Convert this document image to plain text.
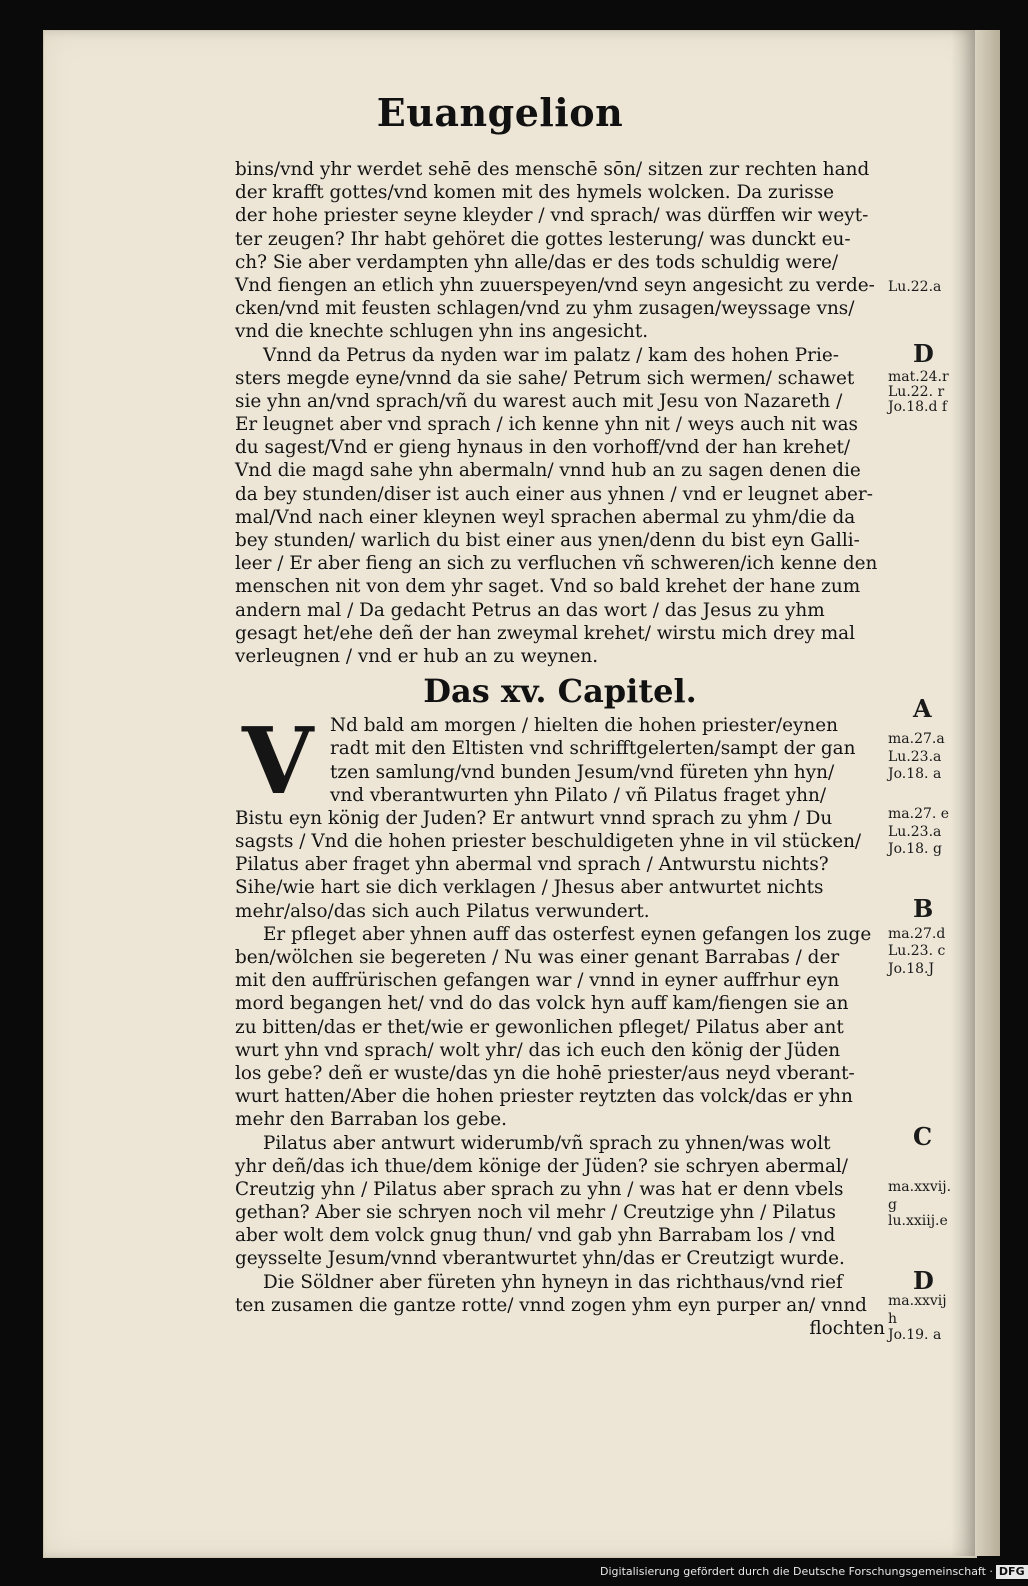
Euangelion
V
bins/vnd yhr werdet sehē des menschē sōn/ sitzen zur rechten hand
der krafft gottes/vnd komen mit des hymels wolcken. Da zurisse
der hohe priester seyne kleyder / vnd sprach/ was dürffen wir weyt-
ter zeugen? Ihr habt gehöret die gottes lesterung/ was dunckt eu-
ch? Sie aber verdampten yhn alle/das er des tods schuldig were/
Vnd fiengen an etlich yhn zuuerspeyen/vnd seyn angesicht zu verde-
cken/vnd mit feusten schlagen/vnd zu yhm zusagen/weyssage vns/
vnd die knechte schlugen yhn ins angesicht.
Vnnd da Petrus da nyden war im palatz / kam des hohen Prie-
sters megde eyne/vnnd da sie sahe/ Petrum sich wermen/ schawet
sie yhn an/vnd sprach/vñ du warest auch mit Jesu von Nazareth /
Er leugnet aber vnd sprach / ich kenne yhn nit / weys auch nit was
du sagest/Vnd er gieng hynaus in den vorhoff/vnd der han krehet/
Vnd die magd sahe yhn abermaln/ vnnd hub an zu sagen denen die
da bey stunden/diser ist auch einer aus yhnen / vnd er leugnet aber-
mal/Vnd nach einer kleynen weyl sprachen abermal zu yhm/die da
bey stunden/ warlich du bist einer aus ynen/denn du bist eyn Galli-
leer / Er aber fieng an sich zu verfluchen vñ schweren/ich kenne den
menschen nit von dem yhr saget. Vnd so bald krehet der hane zum
andern mal / Da gedacht Petrus an das wort / das Jesus zu yhm
gesagt het/ehe deñ der han zweymal krehet/ wirstu mich drey mal
verleugnen / vnd er hub an zu weynen.
Das xv. Capitel.
Nd bald am morgen / hielten die hohen priester/eynen
radt mit den Eltisten vnd schrifftgelerten/sampt der gan
tzen samlung/vnd bunden Jesum/vnd füreten yhn hyn/
vnd vberantwurten yhn Pilato / vñ Pilatus fraget yhn/
Bistu eyn könig der Juden? Er antwurt vnnd sprach zu yhm / Du
sagsts / Vnd die hohen priester beschuldigeten yhne in vil stücken/
Pilatus aber fraget yhn abermal vnd sprach / Antwurstu nichts?
Sihe/wie hart sie dich verklagen / Jhesus aber antwurtet nichts
mehr/also/das sich auch Pilatus verwundert.
Er pfleget aber yhnen auff das osterfest eynen gefangen los zuge
ben/wölchen sie begereten / Nu was einer genant Barrabas / der
mit den auffrürischen gefangen war / vnnd in eyner auffrhur eyn
mord begangen het/ vnd do das volck hyn auff kam/fiengen sie an
zu bitten/das er thet/wie er gewonlichen pfleget/ Pilatus aber ant
wurt yhn vnd sprach/ wolt yhr/ das ich euch den könig der Jüden
los gebe? deñ er wuste/das yn die hohē priester/aus neyd vberant-
wurt hatten/Aber die hohen priester reytzten das volck/das er yhn
mehr den Barraban los gebe.
Pilatus aber antwurt widerumb/vñ sprach zu yhnen/was wolt
yhr deñ/das ich thue/dem könige der Jüden? sie schryen abermal/
Creutzig yhn / Pilatus aber sprach zu yhn / was hat er denn vbels
gethan? Aber sie schryen noch vil mehr / Creutzige yhn / Pilatus
aber wolt dem volck gnug thun/ vnd gab yhn Barrabam los / vnd
geysselte Jesum/vnnd vberantwurtet yhn/das er Creutzigt wurde.
Die Söldner aber füreten yhn hyneyn in das richthaus/vnd rief
ten zusamen die gantze rotte/ vnnd zogen yhm eyn purper an/ vnnd
flochten
Lu.22.a
D
mat.24.r
Lu.22. r
Jo.18.d f
A
ma.27.a
Lu.23.a
Jo.18. a
ma.27. e
Lu.23.a
Jo.18. g
B
ma.27.d
Lu.23. c
Jo.18.J
C
ma.xxvij.
g
lu.xxiij.e
D
ma.xxvij
h
Jo.19. a
Digitalisierung gefördert durch die Deutsche Forschungsgemeinschaft · DFG
